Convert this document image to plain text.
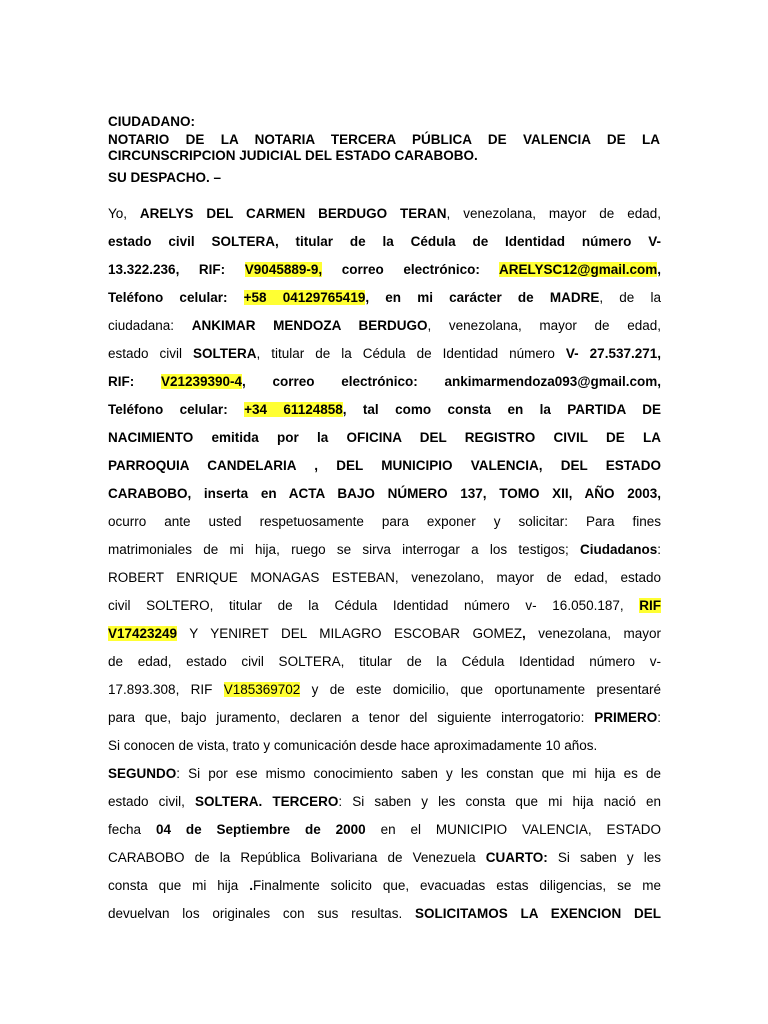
CIUDADANO:
NOTARIO DE LA NOTARIA TERCERA PÚBLICA DE VALENCIA DE LA
CIRCUNSCRIPCION JUDICIAL DEL ESTADO CARABOBO.
SU DESPACHO. –
Yo, ARELYS DEL CARMEN BERDUGO TERAN, venezolana, mayor de edad,
estado civil SOLTERA, titular de la Cédula de Identidad número V-
13.322.236, RIF: V9045889-9, correo electrónico: ARELYSC12@gmail.com,
Teléfono celular: +58 04129765419, en mi carácter de MADRE, de la
ciudadana: ANKIMAR MENDOZA BERDUGO, venezolana, mayor de edad,
estado civil SOLTERA, titular de la Cédula de Identidad número V- 27.537.271,
RIF: V21239390-4, correo electrónico: ankimarmendoza093@gmail.com,
Teléfono celular: +34 61124858, tal como consta en la PARTIDA DE
NACIMIENTO emitida por la OFICINA DEL REGISTRO CIVIL DE LA
PARROQUIA CANDELARIA , DEL MUNICIPIO VALENCIA, DEL ESTADO
CARABOBO, inserta en ACTA BAJO NÚMERO 137, TOMO XII, AÑO 2003,
ocurro ante usted respetuosamente para exponer y solicitar: Para fines
matrimoniales de mi hija, ruego se sirva interrogar a los testigos; Ciudadanos:
ROBERT ENRIQUE MONAGAS ESTEBAN, venezolano, mayor de edad, estado
civil SOLTERO, titular de la Cédula Identidad número v- 16.050.187, RIF
V17423249 Y YENIRET DEL MILAGRO ESCOBAR GOMEZ, venezolana, mayor
de edad, estado civil SOLTERA, titular de la Cédula Identidad número v-
17.893.308, RIF V185369702 y de este domicilio, que oportunamente presentaré
para que, bajo juramento, declaren a tenor del siguiente interrogatorio: PRIMERO:
Si conocen de vista, trato y comunicación desde hace aproximadamente 10 años.
SEGUNDO: Si por ese mismo conocimiento saben y les constan que mi hija es de
estado civil, SOLTERA. TERCERO: Si saben y les consta que mi hija nació en
fecha 04 de Septiembre de 2000 en el MUNICIPIO VALENCIA, ESTADO
CARABOBO de la República Bolivariana de Venezuela CUARTO: Si saben y les
consta que mi hija .Finalmente solicito que, evacuadas estas diligencias, se me
devuelvan los originales con sus resultas. SOLICITAMOS LA EXENCION DEL
